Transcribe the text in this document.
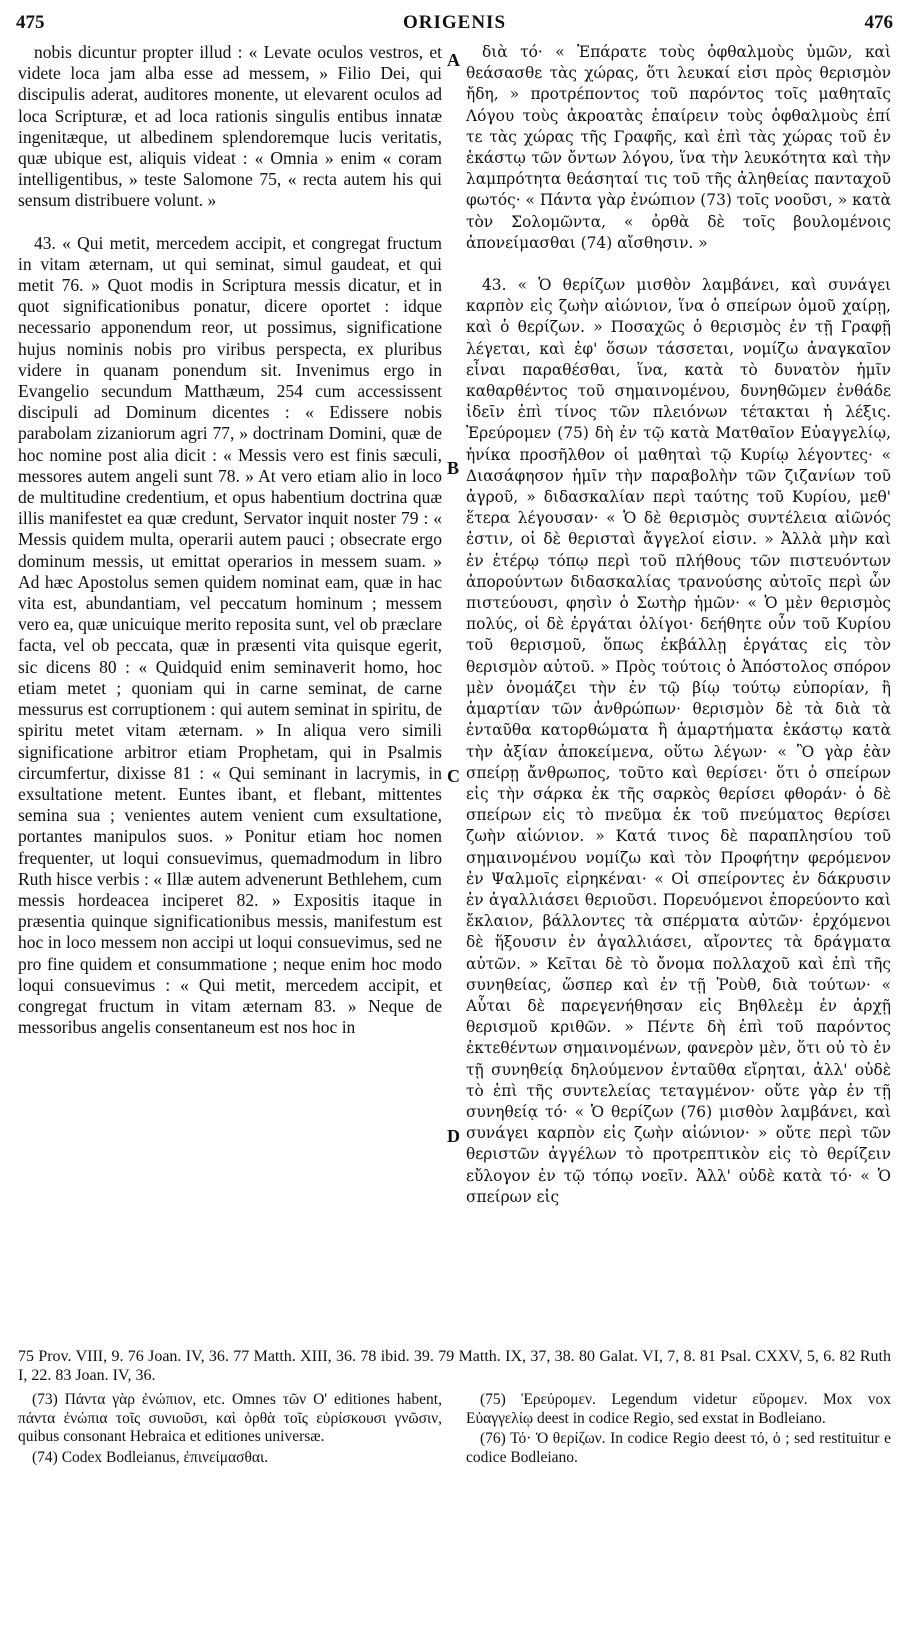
475	ORIGENIS	476

nobis dicuntur propter illud : « Levate oculos vestros, et videte loca jam alba esse ad messem, » Filio Dei, qui discipulis aderat, auditores monente, ut elevarent oculos ad loca Scripturæ, et ad loca rationis singulis entibus innatæ ingenitæque, ut albedinem splendoremque lucis veritatis, quæ ubique est, aliquis videat : « Omnia » enim « coram intelligentibus, » teste Salomone 75, « recta autem his qui sensum distribuere volunt. »

43. « Qui metit, mercedem accipit, et congregat fructum in vitam æternam, ut qui seminat, simul gaudeat, et qui metit 76. » Quot modis in Scriptura messis dicatur, et in quot significationibus ponatur, dicere oportet : idque necessario apponendum reor, ut possimus, significatione hujus nominis nobis pro viribus perspecta, ex pluribus videre in quanam ponendum sit. Invenimus ergo in Evangelio secundum Matthæum, 254 cum accessissent discipuli ad Dominum dicentes : « Edissere nobis parabolam zizaniorum agri 77, » doctrinam Domini, quæ de hoc nomine post alia dicit : « Messis vero est finis sæculi, messores autem angeli sunt 78. » At vero etiam alio in loco de multitudine credentium, et opus habentium doctrina quæ illis manifestet ea quæ credunt, Servator inquit noster 79 : « Messis quidem multa, operarii autem pauci ; obsecrate ergo dominum messis, ut emittat operarios in messem suam. » Ad hæc Apostolus semen quidem nominat eam, quæ in hac vita est, abundantiam, vel peccatum hominum ; messem vero ea, quæ unicuique merito reposita sunt, vel ob præclare facta, vel ob peccata, quæ in præsenti vita quisque egerit, sic dicens 80 : « Quidquid enim seminaverit homo, hoc etiam metet ; quoniam qui in carne seminat, de carne messurus est corruptionem : qui autem seminat in spiritu, de spiritu metet vitam æternam. » In aliqua vero simili significatione arbitror etiam Prophetam, qui in Psalmis circumfertur, dixisse 81 : « Qui seminant in lacrymis, in exsultatione metent. Euntes ibant, et flebant, mittentes semina sua ; venientes autem venient cum exsultatione, portantes manipulos suos. » Ponitur etiam hoc nomen frequenter, ut loqui consuevimus, quemadmodum in libro Ruth hisce verbis : « Illæ autem advenerunt Bethlehem, cum messis hordeacea inciperet 82. » Expositis itaque in præsentia quinque significationibus messis, manifestum est hoc in loco messem non accipi ut loqui consuevimus, sed ne pro fine quidem et consummatione ; neque enim hoc modo loqui consuevimus : « Qui metit, mercedem accipit, et congregat fructum in vitam æternam 83. » Neque de messoribus angelis consentaneum est nos hoc in

A
B
C
D

διὰ τό· « Ἐπάρατε τοὺς ὀφθαλμοὺς ὑμῶν, καὶ θεάσασθε τὰς χώρας, ὅτι λευκαί εἰσι πρὸς θερισμὸν ἤδη, » προτρέποντος τοῦ παρόντος τοῖς μαθηταῖς Λόγου τοὺς ἀκροατὰς ἐπαίρειν τοὺς ὀφθαλμοὺς ἐπί τε τὰς χώρας τῆς Γραφῆς, καὶ ἐπὶ τὰς χώρας τοῦ ἐν ἑκάστῳ τῶν ὄντων λόγου, ἵνα τὴν λευκότητα καὶ τὴν λαμπρότητα θεάσηταί τις τοῦ τῆς ἀληθείας πανταχοῦ φωτός· « Πάντα γὰρ ἐνώπιον (73) τοῖς νοοῦσι, » κατὰ τὸν Σολομῶντα, « ὀρθὰ δὲ τοῖς βουλομένοις ἀπονείμασθαι (74) αἴσθησιν. »

43. « Ὁ θερίζων μισθὸν λαμβάνει, καὶ συνάγει καρπὸν εἰς ζωὴν αἰώνιον, ἵνα ὁ σπείρων ὁμοῦ χαίρῃ, καὶ ὁ θερίζων. » Ποσαχῶς ὁ θερισμὸς ἐν τῇ Γραφῇ λέγεται, καὶ ἐφ' ὅσων τάσσεται, νομίζω ἀναγκαῖον εἶναι παραθέσθαι, ἵνα, κατὰ τὸ δυνατὸν ἡμῖν καθαρθέντος τοῦ σημαινομένου, δυνηθῶμεν ἐνθάδε ἰδεῖν ἐπὶ τίνος τῶν πλειόνων τέτακται ἡ λέξις. Ἐρεύρομεν (75) δὴ ἐν τῷ κατὰ Ματθαῖον Εὐαγγελίῳ, ἡνίκα προσῆλθον οἱ μαθηταὶ τῷ Κυρίῳ λέγοντες· « Διασάφησον ἡμῖν τὴν παραβολὴν τῶν ζιζανίων τοῦ ἀγροῦ, » διδασκαλίαν περὶ ταύτης τοῦ Κυρίου, μεθ' ἕτερα λέγουσαν· « Ὁ δὲ θερισμὸς συντέλεια αἰῶνός ἐστιν, οἱ δὲ θερισταὶ ἄγγελοί εἰσιν. » Ἀλλὰ μὴν καὶ ἐν ἑτέρῳ τόπῳ περὶ τοῦ πλήθους τῶν πιστευόντων ἀπορούντων διδασκαλίας τρανούσης αὐτοῖς περὶ ὧν πιστεύουσι, φησὶν ὁ Σωτὴρ ἡμῶν· « Ὁ μὲν θερισμὸς πολύς, οἱ δὲ ἐργάται ὀλίγοι· δεήθητε οὖν τοῦ Κυρίου τοῦ θερισμοῦ, ὅπως ἐκβάλλῃ ἐργάτας εἰς τὸν θερισμὸν αὐτοῦ. » Πρὸς τούτοις ὁ Ἀπόστολος σπόρον μὲν ὀνομάζει τὴν ἐν τῷ βίῳ τούτῳ εὐπορίαν, ἢ ἁμαρτίαν τῶν ἀνθρώπων· θερισμὸν δὲ τὰ διὰ τὰ ἐνταῦθα κατορθώματα ἢ ἁμαρτήματα ἑκάστῳ κατὰ τὴν ἀξίαν ἀποκείμενα, οὕτω λέγων· « Ὃ γὰρ ἐὰν σπείρῃ ἄνθρωπος, τοῦτο καὶ θερίσει· ὅτι ὁ σπείρων εἰς τὴν σάρκα ἐκ τῆς σαρκὸς θερίσει φθοράν· ὁ δὲ σπείρων εἰς τὸ πνεῦμα ἐκ τοῦ πνεύματος θερίσει ζωὴν αἰώνιον. » Κατά τινος δὲ παραπλησίου τοῦ σημαινομένου νομίζω καὶ τὸν Προφήτην φερόμενον ἐν Ψαλμοῖς εἰρηκέναι· « Οἱ σπείροντες ἐν δάκρυσιν ἐν ἀγαλλιάσει θεριοῦσι. Πορευόμενοι ἐπορεύοντο καὶ ἔκλαιον, βάλλοντες τὰ σπέρματα αὐτῶν· ἐρχόμενοι δὲ ἥξουσιν ἐν ἀγαλλιάσει, αἴροντες τὰ δράγματα αὐτῶν. » Κεῖται δὲ τὸ ὄνομα πολλαχοῦ καὶ ἐπὶ τῆς συνηθείας, ὥσπερ καὶ ἐν τῇ Ῥοὺθ, διὰ τούτων· « Αὗται δὲ παρεγενήθησαν εἰς Βηθλεὲμ ἐν ἀρχῇ θερισμοῦ κριθῶν. » Πέντε δὴ ἐπὶ τοῦ παρόντος ἐκτεθέντων σημαινομένων, φανερὸν μὲν, ὅτι οὐ τὸ ἐν τῇ συνηθείᾳ δηλούμενον ἐνταῦθα εἴρηται, ἀλλ' οὐδὲ τὸ ἐπὶ τῆς συντελείας τεταγμένον· οὔτε γὰρ ἐν τῇ συνηθείᾳ τό· « Ὁ θερίζων (76) μισθὸν λαμβάνει, καὶ συνάγει καρπὸν εἰς ζωὴν αἰώνιον· » οὔτε περὶ τῶν θεριστῶν ἀγγέλων τὸ προτρεπτικὸν εἰς τὸ θερίζειν εὔλογον ἐν τῷ τόπῳ νοεῖν. Ἀλλ' οὐδὲ κατὰ τό· « Ὁ σπείρων εἰς

75 Prov. VIII, 9. 76 Joan. IV, 36. 77 Matth. XIII, 36. 78 ibid. 39. 79 Matth. IX, 37, 38. 80 Galat. VI, 7, 8. 81 Psal. CXXV, 5, 6. 82 Ruth I, 22. 83 Joan. IV, 36.

(73) Πάντα γὰρ ἐνώπιον, etc. Omnes τῶν Ο' editiones habent, πάντα ἐνώπια τοῖς συνιοῦσι, καὶ ὀρθὰ τοῖς εὑρίσκουσι γνῶσιν, quibus consonant Hebraica et editiones universæ.

(74) Codex Bodleianus, ἐπινείμασθαι.

(75) Ἐρεύρομεν. Legendum videtur εὕρομεν. Mox vox Εὐαγγελίῳ deest in codice Regio, sed exstat in Bodleiano.

(76) Τό· Ὁ θερίζων. In codice Regio deest τό, ὁ ; sed restituitur e codice Bodleiano.
